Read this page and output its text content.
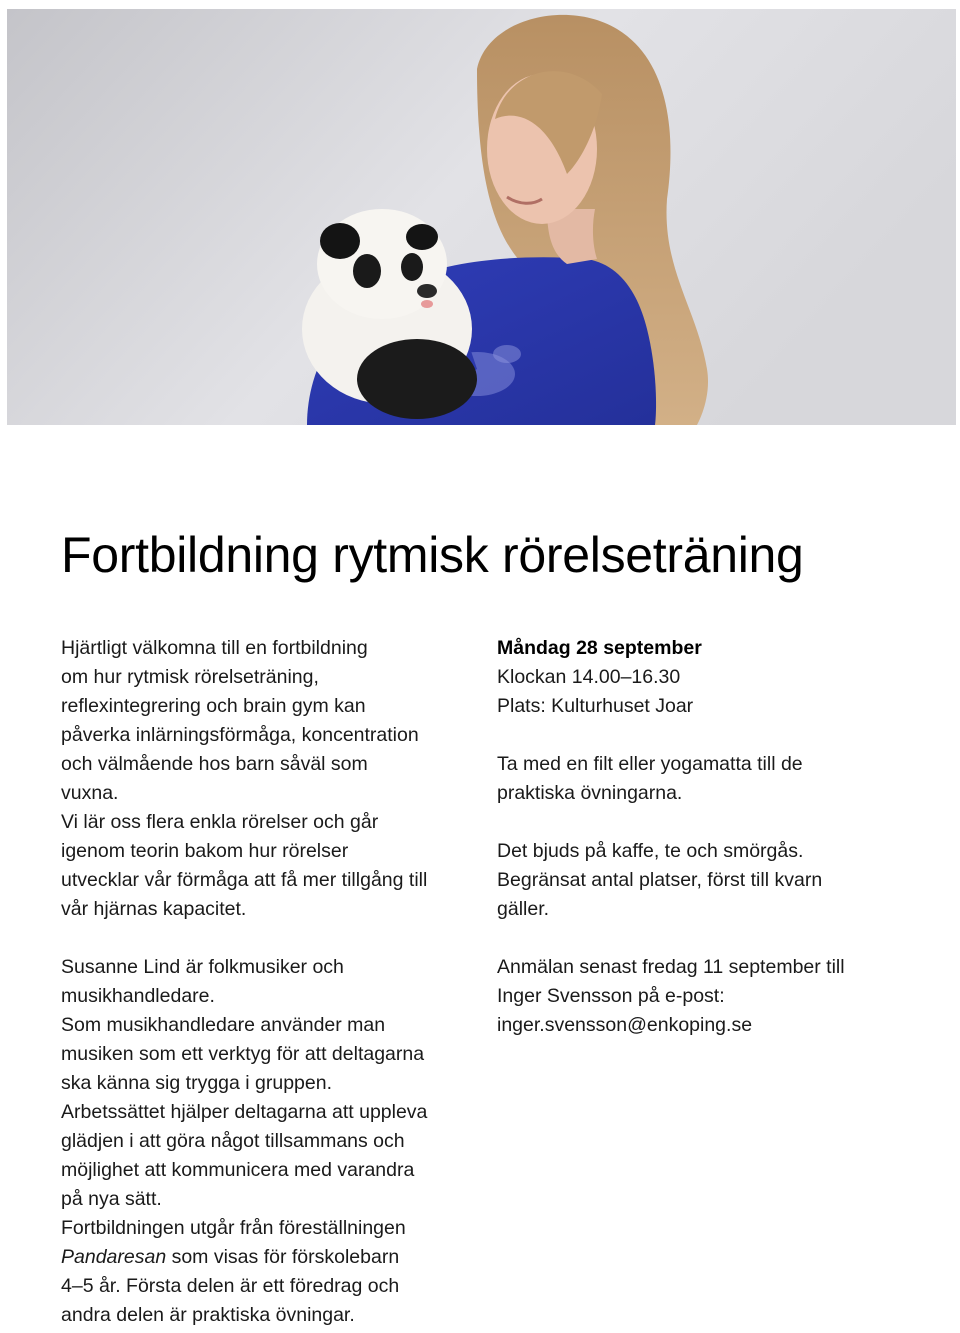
Fortbildning rytmisk rörelseträning

Hjärtligt välkomna till en fortbildning

om hur rytmisk rörelseträning,

reflexintegrering och brain gym kan

påverka inlärningsförmåga, koncentration

och välmående hos barn såväl som

vuxna.

Vi lär oss flera enkla rörelser och går

igenom teorin bakom hur rörelser

utvecklar vår förmåga att få mer tillgång till

vår hjärnas kapacitet.

Susanne Lind är folkmusiker och

musikhandledare.

Som musikhandledare använder man

musiken som ett verktyg för att deltagarna

ska känna sig trygga i gruppen.

Arbetssättet hjälper deltagarna att uppleva

glädjen i att göra något tillsammans och

möjlighet att kommunicera med varandra

på nya sätt.

Fortbildningen utgår från föreställningen

Pandaresan som visas för förskolebarn

4–5 år. Första delen är ett föredrag och

andra delen är praktiska övningar.

Måndag 28 september

Klockan 14.00–16.30

Plats: Kulturhuset Joar

Ta med en filt eller yogamatta till de

praktiska övningarna.

Det bjuds på kaffe, te och smörgås.

Begränsat antal platser, först till kvarn

gäller.

Anmälan senast fredag 11 september till

Inger Svensson på e-post:

inger.svensson@enkoping.se
